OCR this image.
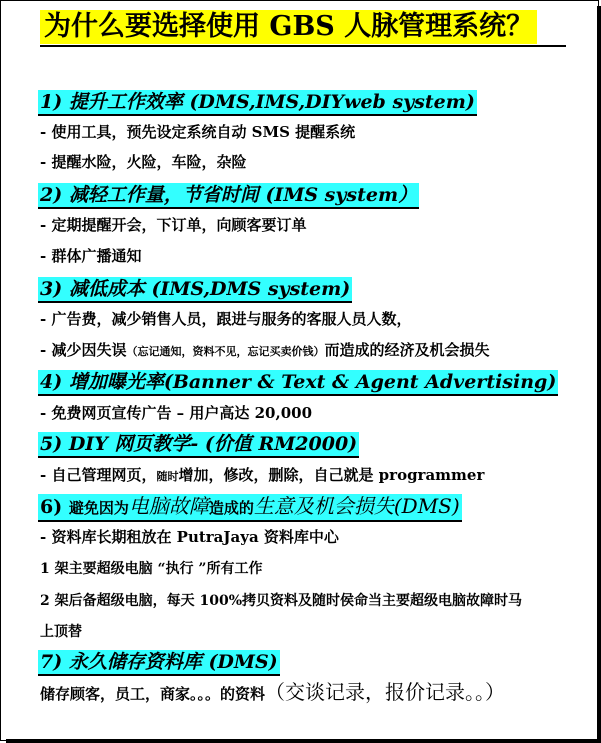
为什么要选择使用 GBS 人脉管理系统？
1) 提升工作效率 (DMS,IMS,DIYweb system)
- 使用工具，预先设定系统自动 SMS 提醒系统
- 提醒水险，火险，车险，杂险
2) 减轻工作量，节省时间 (IMS system）
- 定期提醒开会，下订单，向顾客要订单
- 群体广播通知
3) 减低成本 (IMS,DMS system)
- 广告费，减少销售人员，跟进与服务的客服人员人数，
- 减少因失误（忘记通知，资料不见，忘记买卖价钱）而造成的经济及机会损失
4) 增加曝光率(Banner & Text & Agent Advertising)
- 免费网页宣传广告 – 用户高达 20,000
5) DIY 网页教学- (价值 RM2000)
- 自己管理网页，随时增加，修改，删除，自己就是 programmer
6) 避免因为电脑故障造成的生意及机会损失(DMS)
- 资料库长期租放在 PutraJaya 资料库中心
1 架主要超级电脑 “执行 ”所有工作
2 架后备超级电脑，每天 100%拷贝资料及随时侯命当主要超级电脑故障时马
上顶替
7) 永久储存资料库 (DMS)
储存顾客，员工，商家。。。的资料（交谈记录，报价记录。。）
